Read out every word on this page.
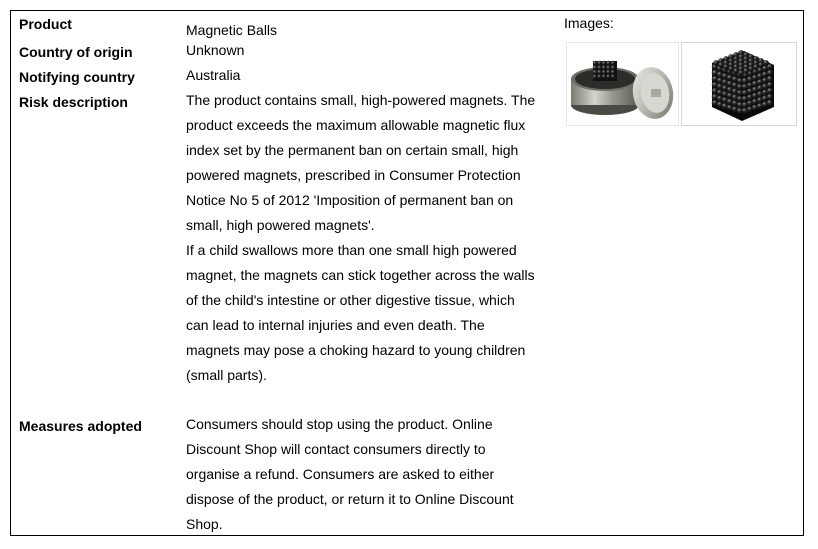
Product
Country of origin
Notifying country
Risk description
Measures adopted
Magnetic Balls
Unknown
Australia
The product contains small, high-powered magnets. The
product exceeds the maximum allowable magnetic flux
index set by the permanent ban on certain small, high
powered magnets, prescribed in Consumer Protection
Notice No 5 of 2012 'Imposition of permanent ban on
small, high powered magnets'.
If a child swallows more than one small high powered
magnet, the magnets can stick together across the walls
of the child's intestine or other digestive tissue, which
can lead to internal injuries and even death. The
magnets may pose a choking hazard to young children
(small parts).
Consumers should stop using the product. Online
Discount Shop will contact consumers directly to
organise a refund. Consumers are asked to either
dispose of the product, or return it to Online Discount
Shop.
Images:
